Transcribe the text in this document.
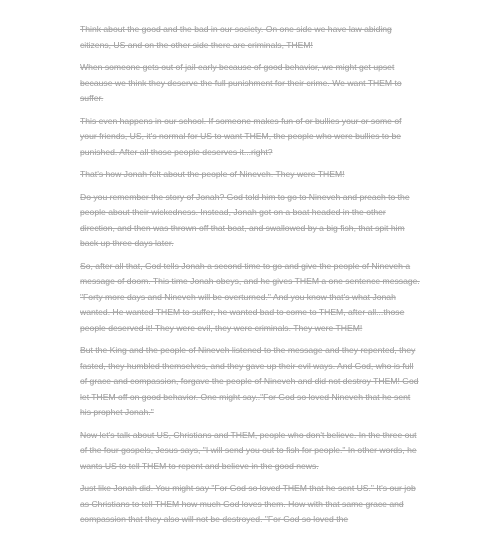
Think about the good and the bad in our society. On one side we have law abiding citizens, US and on the other side there are criminals, THEM!

When someone gets out of jail early because of good behavior, we might get upset because we think they deserve the full punishment for their crime. We want THEM to suffer.

This even happens in our school. If someone makes fun of or bullies your or some of your friends, US, it's normal for US to want THEM, the people who were bullies to be punished. After all those people deserves it...right?

That's how Jonah felt about the people of Nineveh. They were THEM!

Do you remember the story of Jonah? God told him to go to Nineveh and preach to the people about their wickedness. Instead, Jonah got on a boat headed in the other direction, and then was thrown off that boat, and swallowed by a big fish, that spit him back up three days later.

So, after all that, God tells Jonah a second time to go and give the people of Nineveh a message of doom. This time Jonah obeys, and he gives THEM a one sentence message. "Forty more days and Nineveh will be overturned." And you know that's what Jonah wanted. He wanted THEM to suffer, he wanted bad to come to THEM, after all...those people deserved it! They were evil, they were criminals. They were THEM!

But the King and the people of Nineveh listened to the message and they repented, they fasted, they humbled themselves, and they gave up their evil ways. And God, who is full of grace and compassion, forgave the people of Nineveh and did not destroy THEM! God let THEM off on good behavior. One might say.."For God so loved Nineveh that he sent his prophet Jonah."

Now let's talk about US, Christians and THEM, people who don't believe. In the three out of the four gospels, Jesus says, "I will send you out to fish for people." In other words, he wants US to tell THEM to repent and believe in the good news.

Just like Jonah did. You might say "For God so loved THEM that he sent US." It's our job as Christians to tell THEM how much God loves them. How with that same grace and compassion that they also will not be destroyed. "For God so loved the
